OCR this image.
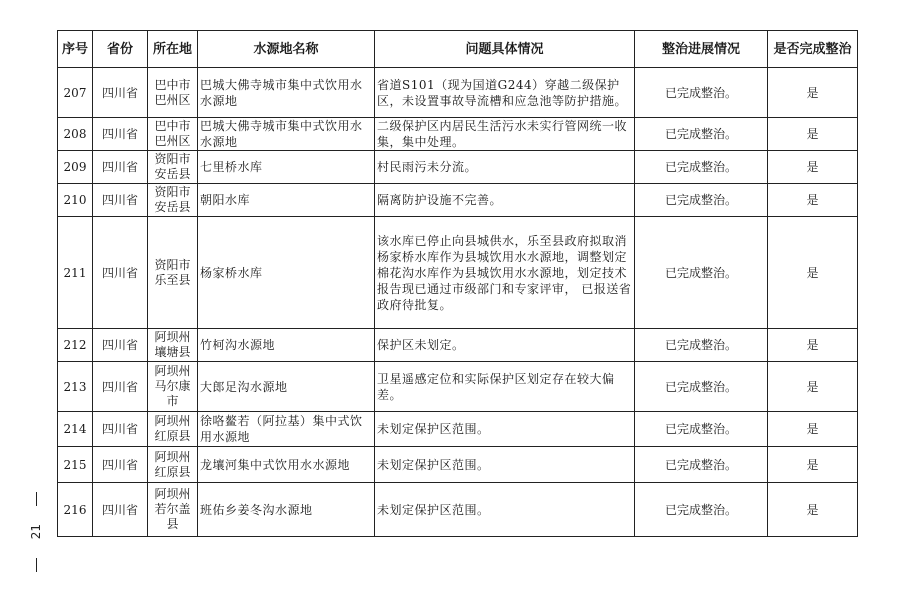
21
序号	省份	所在地	水源地名称	问题具体情况	整治进展情况	是否完成整治
207	四川省	巴中市巴州区	巴城大佛寺城市集中式饮用水水源地	省道S101（现为国道G244）穿越二级保护区，未设置事故导流槽和应急池等防护措施。	已完成整治。	是
208	四川省	巴中市巴州区	巴城大佛寺城市集中式饮用水水源地	二级保护区内居民生活污水未实行管网统一收集，集中处理。	已完成整治。	是
209	四川省	资阳市安岳县	七里桥水库	村民雨污未分流。	已完成整治。	是
210	四川省	资阳市安岳县	朝阳水库	隔离防护设施不完善。	已完成整治。	是
211	四川省	资阳市乐至县	杨家桥水库	该水库已停止向县城供水，乐至县政府拟取消杨家桥水库作为县城饮用水水源地，调整划定棉花沟水库作为县城饮用水水源地，划定技术报告现已通过市级部门和专家评审， 已报送省政府待批复。	已完成整治。	是
212	四川省	阿坝州壤塘县	竹柯沟水源地	保护区未划定。	已完成整治。	是
213	四川省	阿坝州马尔康市	大郎足沟水源地	卫星遥感定位和实际保护区划定存在较大偏差。	已完成整治。	是
214	四川省	阿坝州红原县	徐咯鳌若（阿拉基）集中式饮用水源地	未划定保护区范围。	已完成整治。	是
215	四川省	阿坝州红原县	龙壤河集中式饮用水水源地	未划定保护区范围。	已完成整治。	是
216	四川省	阿坝州若尔盖县	班佑乡姜冬沟水源地	未划定保护区范围。	已完成整治。	是
